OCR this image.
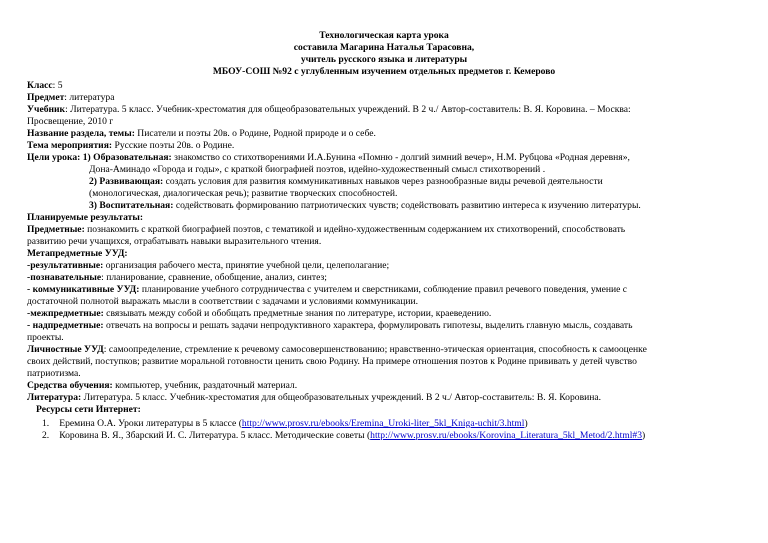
Технологическая карта урока
составила Магарина Наталья Тарасовна,
учитель русского языка и литературы
МБОУ-СОШ №92 с углубленным изучением отдельных предметов г. Кемерово
Класс: 5
Предмет: литература
Учебник: Литература. 5 класс. Учебник-хрестоматия для общеобразовательных учреждений. В 2 ч./ Автор-составитель: В. Я. Коровина. – Москва:
Просвещение, 2010 г
Название раздела, темы: Писатели и поэты 20в. о Родине, Родной природе и о себе.
Тема мероприятия: Русские поэты 20в. о Родине.
Цели урока: 1) Образовательная: знакомство со стихотворениями И.А.Бунина «Помню - долгий зимний вечер», Н.М. Рубцова «Родная деревня»,
Дона-Аминадо «Города и годы», с краткой биографией поэтов, идейно-художественный смысл стихотворений .
2) Развивающая: создать условия для развития коммуникативных навыков через разнообразные виды речевой деятельности
(монологическая, диалогическая речь); развитие творческих способностей.
3) Воспитательная: содействовать формированию патриотических чувств; содействовать развитию интереса к изучению литературы.
Планируемые результаты:
Предметные: познакомить с краткой биографией поэтов, с тематикой и идейно-художественным содержанием их стихотворений, способствовать
развитию речи учащихся, отрабатывать навыки выразительного чтения.
Метапредметные УУД:
-результативные: организация рабочего места, принятие учебной цели, целеполагание;
-познавательные: планирование, сравнение, обобщение, анализ, синтез;
- коммуникативные УУД: планирование учебного сотрудничества с учителем и сверстниками, соблюдение правил речевого поведения, умение с
достаточной полнотой выражать мысли в соответствии с задачами и условиями коммуникации.
-межпредметные: связывать между собой и обобщать предметные знания по литературе, истории, краеведению.
- надпредметные: отвечать на вопросы и решать задачи непродуктивного характера, формулировать гипотезы, выделить главную мысль, создавать
проекты.
Личностные УУД: самоопределение, стремление к речевому самосовершенствованию; нравственно-этическая ориентация, способность к самооценке
своих действий, поступков; развитие моральной готовности ценить свою Родину. На примере отношения поэтов к Родине прививать у детей чувство
патриотизма.
Средства обучения: компьютер, учебник, раздаточный материал.
Литература: Литература. 5 класс. Учебник-хрестоматия для общеобразовательных учреждений. В 2 ч./ Автор-составитель: В. Я. Коровина.
Ресурсы сети Интернет:
1. Еремина О.А. Уроки литературы в 5 классе (http://www.prosv.ru/ebooks/Eremina_Uroki-liter_5kl_Kniga-uchit/3.html)
2. Коровина В. Я., Збарский И. С. Литература. 5 класс. Методические советы (http://www.prosv.ru/ebooks/Korovina_Literatura_5kl_Metod/2.html#3)
